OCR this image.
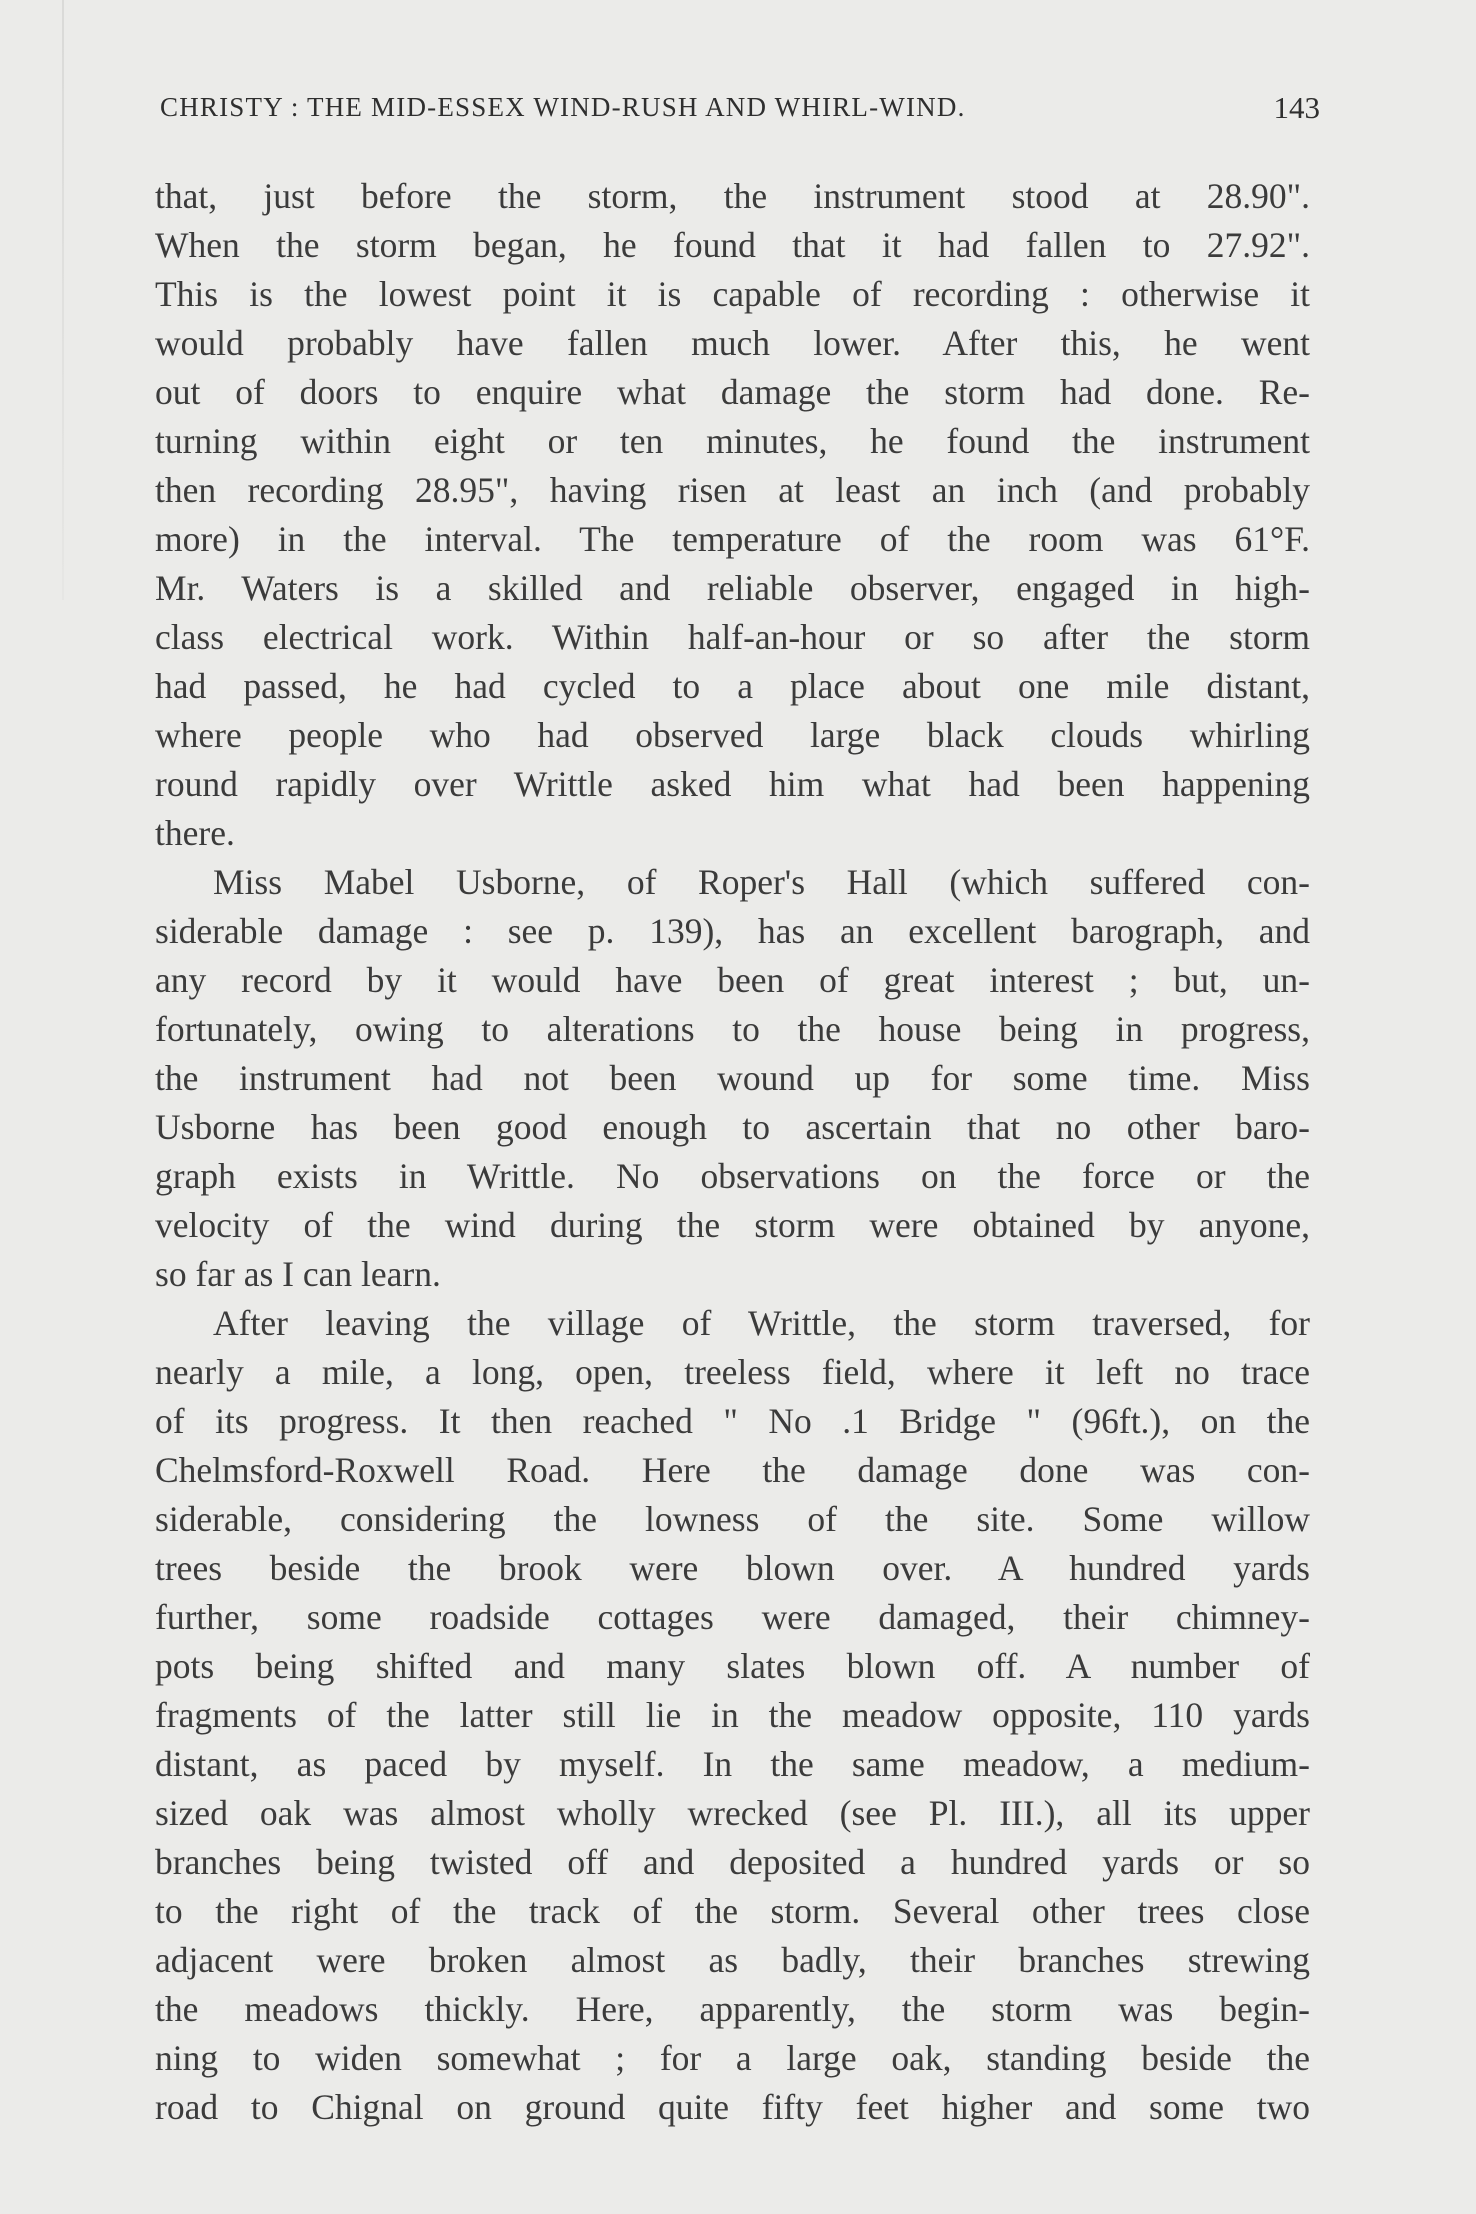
CHRISTY : THE MID-ESSEX WIND-RUSH AND WHIRL-WIND.	143
that, just before the storm, the instrument stood at 28.90".
When the storm began, he found that it had fallen to 27.92".
This is the lowest point it is capable of recording : otherwise it
would probably have fallen much lower. After this, he went
out of doors to enquire what damage the storm had done. Re-
turning within eight or ten minutes, he found the instrument
then recording 28.95", having risen at least an inch (and probably
more) in the interval. The temperature of the room was 61°F.
Mr. Waters is a skilled and reliable observer, engaged in high-
class electrical work. Within half-an-hour or so after the storm
had passed, he had cycled to a place about one mile distant,
where people who had observed large black clouds whirling
round rapidly over Writtle asked him what had been happening
there.
Miss Mabel Usborne, of Roper's Hall (which suffered con-
siderable damage : see p. 139), has an excellent barograph, and
any record by it would have been of great interest ; but, un-
fortunately, owing to alterations to the house being in progress,
the instrument had not been wound up for some time. Miss
Usborne has been good enough to ascertain that no other baro-
graph exists in Writtle. No observations on the force or the
velocity of the wind during the storm were obtained by anyone,
so far as I can learn.
After leaving the village of Writtle, the storm traversed, for
nearly a mile, a long, open, treeless field, where it left no trace
of its progress. It then reached " No .1 Bridge " (96ft.), on the
Chelmsford-Roxwell Road. Here the damage done was con-
siderable, considering the lowness of the site. Some willow
trees beside the brook were blown over. A hundred yards
further, some roadside cottages were damaged, their chimney-
pots being shifted and many slates blown off. A number of
fragments of the latter still lie in the meadow opposite, 110 yards
distant, as paced by myself. In the same meadow, a medium-
sized oak was almost wholly wrecked (see Pl. III.), all its upper
branches being twisted off and deposited a hundred yards or so
to the right of the track of the storm. Several other trees close
adjacent were broken almost as badly, their branches strewing
the meadows thickly. Here, apparently, the storm was begin-
ning to widen somewhat ; for a large oak, standing beside the
road to Chignal on ground quite fifty feet higher and some two
